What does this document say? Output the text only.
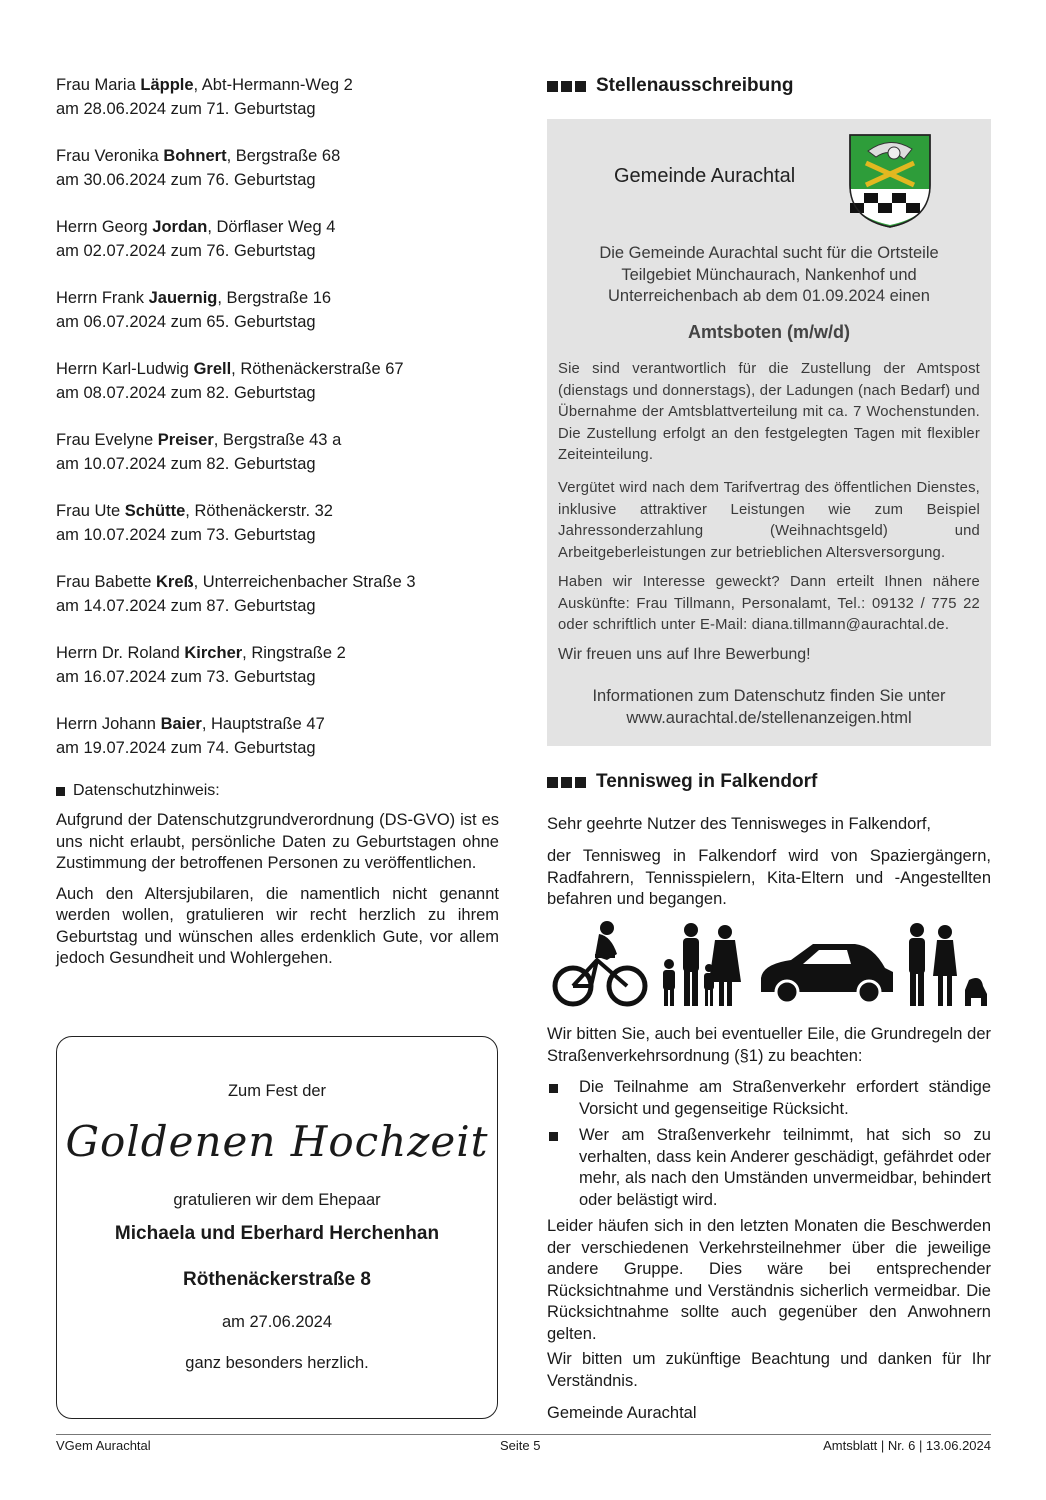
Frau Maria Läpple, Abt-Hermann-Weg 2
am 28.06.2024 zum 71. Geburtstag
Frau Veronika Bohnert, Bergstraße 68
am 30.06.2024 zum 76. Geburtstag
Herrn Georg Jordan, Dörflaser Weg 4
am 02.07.2024 zum 76. Geburtstag
Herrn Frank Jauernig, Bergstraße 16
am 06.07.2024 zum 65. Geburtstag
Herrn Karl-Ludwig Grell, Röthenäckerstraße 67
am 08.07.2024 zum 82. Geburtstag
Frau Evelyne Preiser, Bergstraße 43 a
am 10.07.2024 zum 82. Geburtstag
Frau Ute Schütte, Röthenäckerstr. 32
am 10.07.2024 zum 73. Geburtstag
Frau Babette Kreß, Unterreichenbacher Straße 3
am 14.07.2024 zum 87. Geburtstag
Herrn Dr. Roland Kircher, Ringstraße 2
am 16.07.2024 zum 73. Geburtstag
Herrn Johann Baier, Hauptstraße 47
am 19.07.2024 zum 74. Geburtstag
Datenschutzhinweis:
Aufgrund der Datenschutzgrundverordnung (DS-GVO) ist es uns nicht erlaubt, persönliche Daten zu Geburtstagen ohne Zustimmung der betroffenen Personen zu veröffentlichen.
Auch den Altersjubilaren, die namentlich nicht genannt werden wollen, gratulieren wir recht herzlich zu ihrem Geburtstag und wünschen alles erdenklich Gute, vor allem jedoch Gesundheit und Wohlergehen.
Zum Fest der
Goldenen Hochzeit
gratulieren wir dem Ehepaar
Michaela und Eberhard Herchenhan
Röthenäckerstraße 8
am 27.06.2024
ganz besonders herzlich.
Stellenausschreibung
Gemeinde Aurachtal
Die Gemeinde Aurachtal sucht für die Ortsteile Teilgebiet Münchaurach, Nankenhof und Unterreichenbach ab dem 01.09.2024 einen
Amtsboten (m/w/d)
Sie sind verantwortlich für die Zustellung der Amtspost (dienstags und donnerstags), der Ladungen (nach Bedarf) und Übernahme der Amtsblattverteilung mit ca. 7 Wochenstunden. Die Zustellung erfolgt an den festgelegten Tagen mit flexibler Zeiteinteilung.
Vergütet wird nach dem Tarifvertrag des öffentlichen Dienstes, inklusive attraktiver Leistungen wie zum Beispiel Jahressonderzahlung (Weihnachtsgeld) und Arbeitgeberleistungen zur betrieblichen Altersversorgung.
Haben wir Interesse geweckt? Dann erteilt Ihnen nähere Auskünfte: Frau Tillmann, Personalamt, Tel.: 09132 / 775 22 oder schriftlich unter E-Mail: diana.tillmann@aurachtal.de.
Wir freuen uns auf Ihre Bewerbung!
Informationen zum Datenschutz finden Sie unter www.aurachtal.de/stellenanzeigen.html
Tennisweg in Falkendorf
Sehr geehrte Nutzer des Tennisweges in Falkendorf,
der Tennisweg in Falkendorf wird von Spaziergängern, Radfahrern, Tennisspielern, Kita-Eltern und -Angestellten befahren und begangen.
Wir bitten Sie, auch bei eventueller Eile, die Grundregeln der Straßenverkehrsordnung (§1) zu beachten:
Die Teilnahme am Straßenverkehr erfordert ständige Vorsicht und gegenseitige Rücksicht.
Wer am Straßenverkehr teilnimmt, hat sich so zu verhalten, dass kein Anderer geschädigt, gefährdet oder mehr, als nach den Umständen unvermeidbar, behindert oder belästigt wird.
Leider häufen sich in den letzten Monaten die Beschwerden der verschiedenen Verkehrsteilnehmer über die jeweilige andere Gruppe. Dies wäre bei entsprechender Rücksichtnahme und Verständnis sicherlich vermeidbar. Die Rücksichtnahme sollte auch gegenüber den Anwohnern gelten.
Wir bitten um zukünftige Beachtung und danken für Ihr Verständnis.
Gemeinde Aurachtal
VGem Aurachtal	Seite 5	Amtsblatt | Nr. 6 | 13.06.2024
